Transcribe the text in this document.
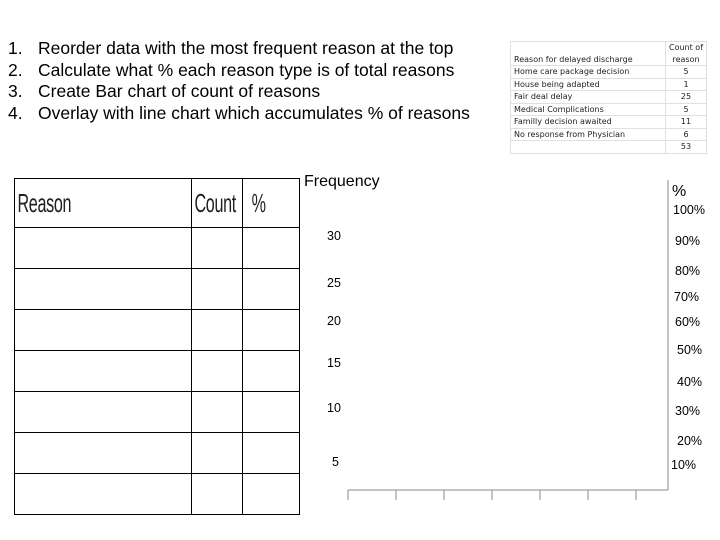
1. Reorder data with the most frequent reason at the top
2. Calculate what % each reason type is of total reasons
3. Create Bar chart of count of reasons
4. Overlay with line chart which accumulates % of reasons
Reason for delayed discharge	Count of
reason
Home care package decision	5
House being adapted	1
Fair deal delay	25
Medical Complications	5
Familly decision awaited	11
No response from Physician	6
	53
Reason	Count	%

Frequency
%
30
25
20
15
10
5
100%
90%
80%
70%
60%
50%
40%
30%
20%
10%
